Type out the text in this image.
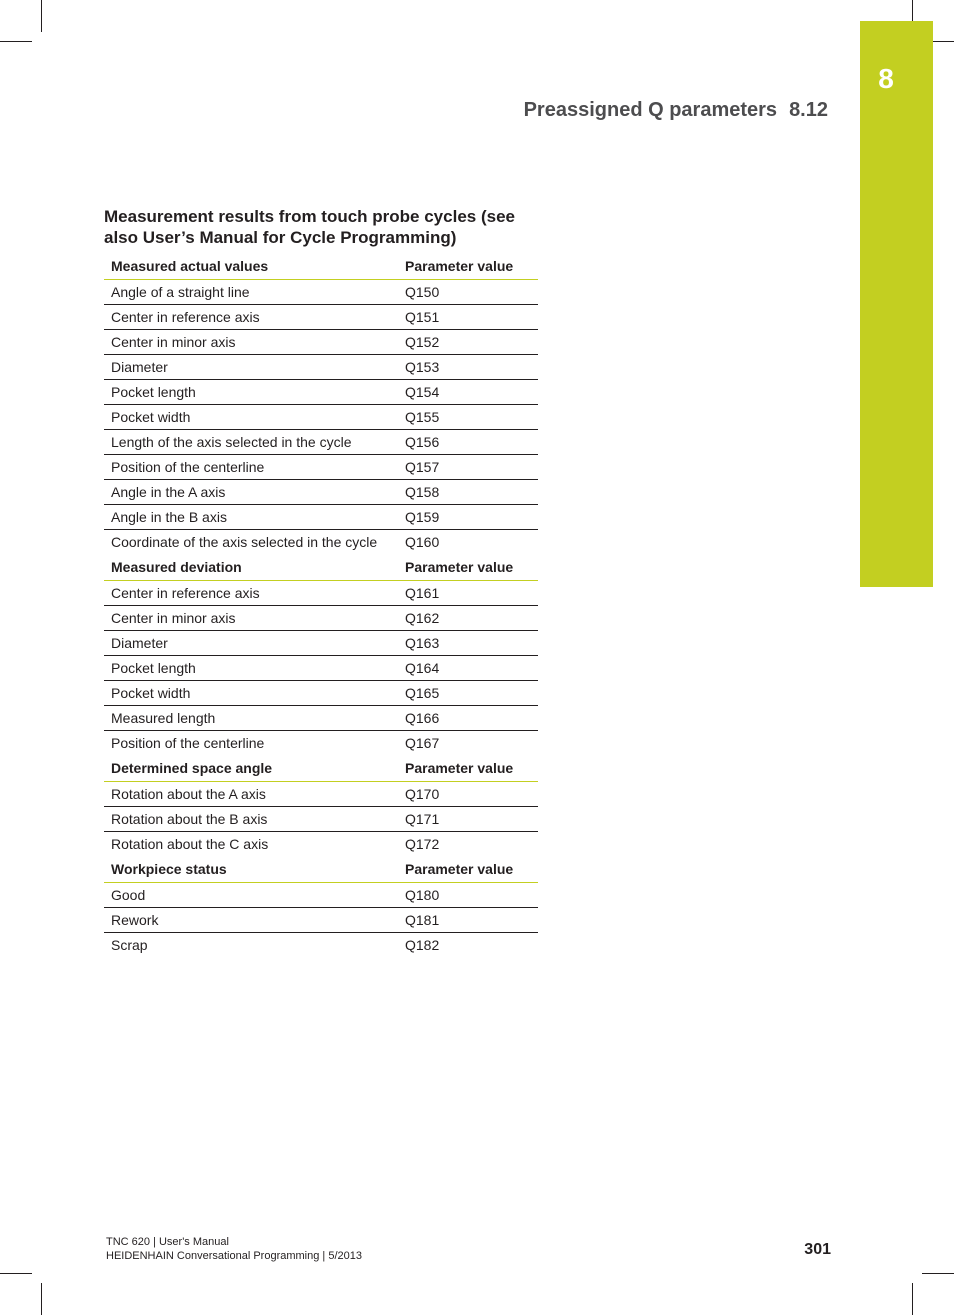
8
Preassigned Q parameters 8.12
Measurement results from touch probe cycles (see also User’s Manual for Cycle Programming)
Measured actual values	Parameter value
Angle of a straight line	Q150
Center in reference axis	Q151
Center in minor axis	Q152
Diameter	Q153
Pocket length	Q154
Pocket width	Q155
Length of the axis selected in the cycle	Q156
Position of the centerline	Q157
Angle in the A axis	Q158
Angle in the B axis	Q159
Coordinate of the axis selected in the cycle	Q160
Measured deviation	Parameter value
Center in reference axis	Q161
Center in minor axis	Q162
Diameter	Q163
Pocket length	Q164
Pocket width	Q165
Measured length	Q166
Position of the centerline	Q167
Determined space angle	Parameter value
Rotation about the A axis	Q170
Rotation about the B axis	Q171
Rotation about the C axis	Q172
Workpiece status	Parameter value
Good	Q180
Rework	Q181
Scrap	Q182
TNC 620 | User's Manual
HEIDENHAIN Conversational Programming | 5/2013	301
